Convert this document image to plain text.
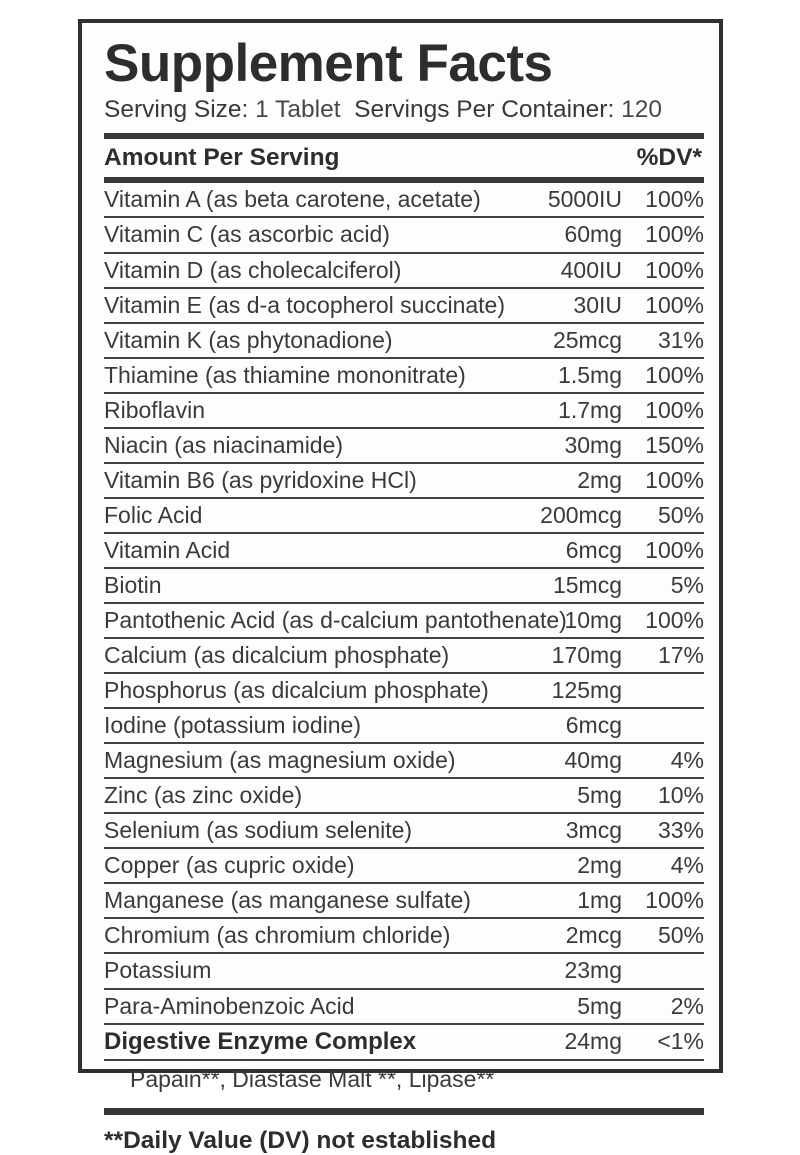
Supplement Facts
Serving Size: 1 Tablet Servings Per Container: 120
Amount Per Serving	%DV*
Vitamin A (as beta carotene, acetate)	5000IU	100%
Vitamin C (as ascorbic acid)	60mg	100%
Vitamin D (as cholecalciferol)	400IU	100%
Vitamin E (as d-a tocopherol succinate)	30IU	100%
Vitamin K (as phytonadione)	25mcg	31%
Thiamine (as thiamine mononitrate)	1.5mg	100%
Riboflavin	1.7mg	100%
Niacin (as niacinamide)	30mg	150%
Vitamin B6 (as pyridoxine HCl)	2mg	100%
Folic Acid	200mcg	50%
Vitamin Acid	6mcg	100%
Biotin	15mcg	5%
Pantothenic Acid (as d-calcium pantothenate)	10mg	100%
Calcium (as dicalcium phosphate)	170mg	17%
Phosphorus (as dicalcium phosphate)	125mg	
Iodine (potassium iodine)	6mcg	
Magnesium (as magnesium oxide)	40mg	4%
Zinc (as zinc oxide)	5mg	10%
Selenium (as sodium selenite)	3mcg	33%
Copper (as cupric oxide)	2mg	4%
Manganese (as manganese sulfate)	1mg	100%
Chromium (as chromium chloride)	2mcg	50%
Potassium	23mg	
Para-Aminobenzoic Acid	5mg	2%
Digestive Enzyme Complex	24mg	<1%
Papain**, Diastase Malt **, Lipase**		
**Daily Value (DV) not established
